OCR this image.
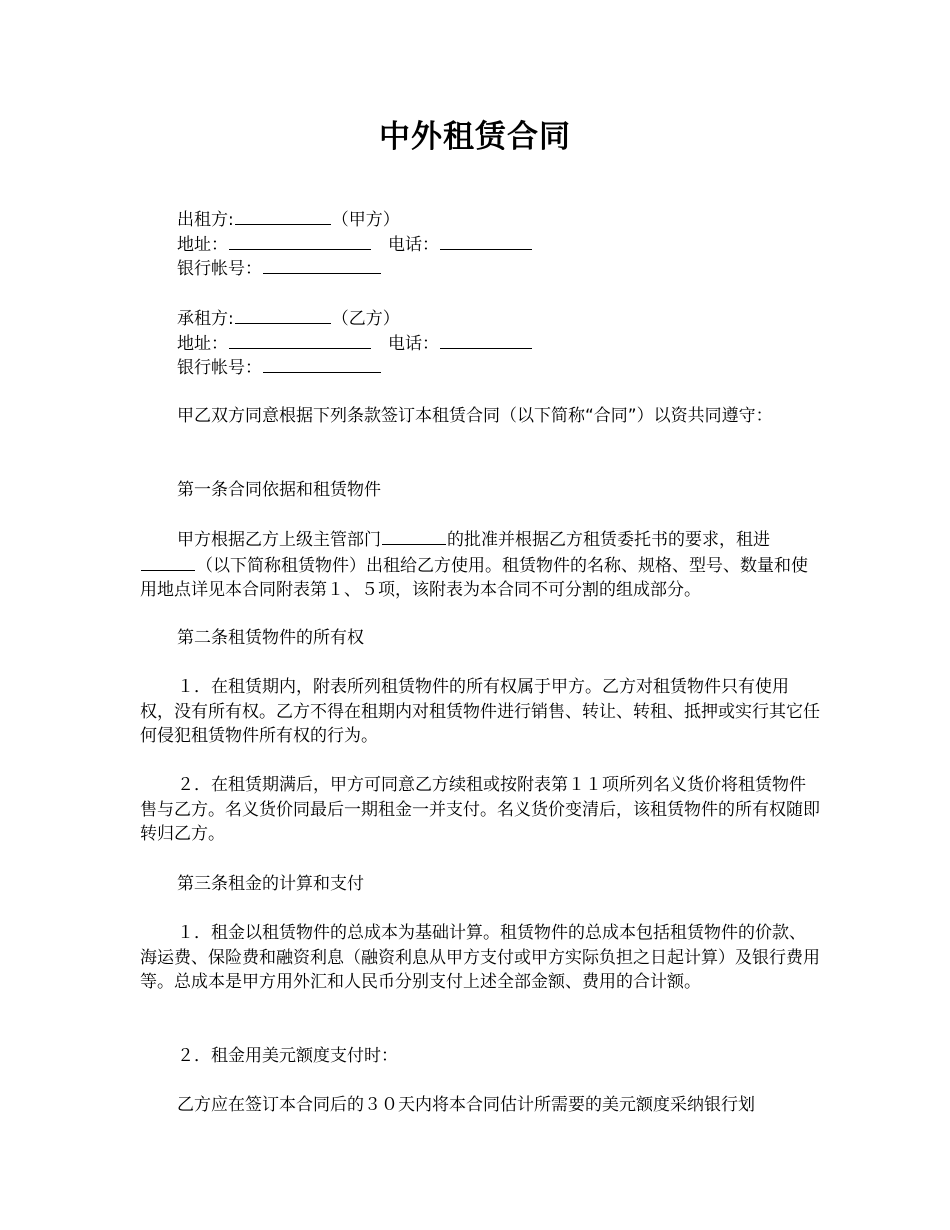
中外租赁合同
出租方:	（甲方）
地址：	电话：
银行帐号：
承租方:	（乙方）
地址：	电话：
银行帐号：
甲乙双方同意根据下列条款签订本租赁合同（以下简称“合同”）以资共同遵守：
第一条合同依据和租赁物件
甲方根据乙方上级主管部门	的批准并根据乙方租赁委托书的要求，租进（以下简称租赁物件）出租给乙方使用。租赁物件的名称、规格、型号、数量和使用地点详见本合同附表第１、５项，该附表为本合同不可分割的组成部分。
第二条租赁物件的所有权
１．在租赁期内，附表所列租赁物件的所有权属于甲方。乙方对租赁物件只有使用权，没有所有权。乙方不得在租期内对租赁物件进行销售、转让、转租、抵押或实行其它任何侵犯租赁物件所有权的行为。
２．在租赁期满后，甲方可同意乙方续租或按附表第１１项所列名义货价将租赁物件售与乙方。名义货价同最后一期租金一并支付。名义货价变清后，该租赁物件的所有权随即转归乙方。
第三条租金的计算和支付
１．租金以租赁物件的总成本为基础计算。租赁物件的总成本包括租赁物件的价款、海运费、保险费和融资利息（融资利息从甲方支付或甲方实际负担之日起计算）及银行费用等。总成本是甲方用外汇和人民币分别支付上述全部金额、费用的合计额。
２．租金用美元额度支付时：
乙方应在签订本合同后的３０天内将本合同估计所需要的美元额度采纳银行划
